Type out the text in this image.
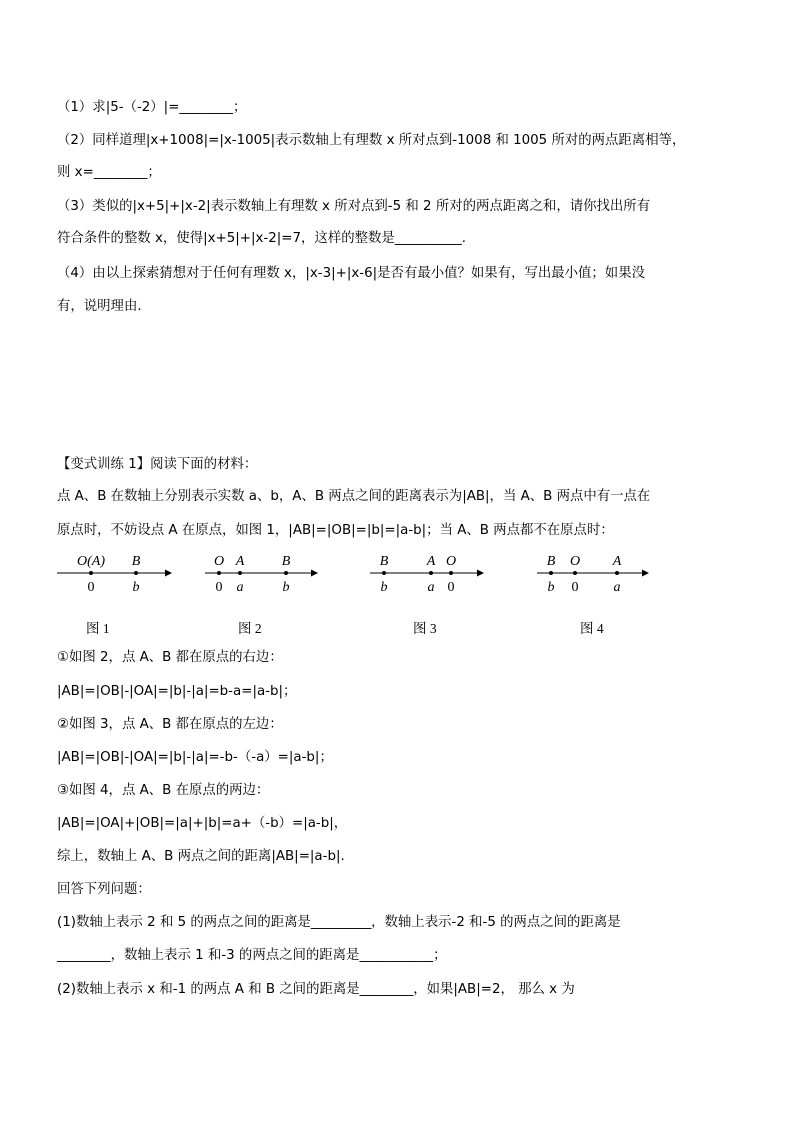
（1）求|5-（-2）|=________；
（2）同样道理|x+1008|=|x-1005|表示数轴上有理数 x 所对点到-1008 和 1005 所对的两点距离相等，
则 x=________；
（3）类似的|x+5|+|x-2|表示数轴上有理数 x 所对点到-5 和 2 所对的两点距离之和，请你找出所有
符合条件的整数 x，使得|x+5|+|x-2|=7，这样的整数是__________.
（4）由以上探索猜想对于任何有理数 x，|x-3|+|x-6|是否有最小值？如果有，写出最小值；如果没
有，说明理由.
【变式训练 1】阅读下面的材料：
点 A、B 在数轴上分别表示实数 a、b，A、B 两点之间的距离表示为|AB|，当 A、B 两点中有一点在
原点时，不妨设点 A 在原点，如图 1，|AB|=|OB|=|b|=|a-b|；当 A、B 两点都不在原点时：
O(A) B
0	b
O A	B
0 a	b
B	A O
b	a 0
B O A
b 0	a
图 1	图 2	图 3	图 4
①如图 2，点 A、B 都在原点的右边：
|AB|=|OB|-|OA|=|b|-|a|=b-a=|a-b|；
②如图 3，点 A、B 都在原点的左边：
|AB|=|OB|-|OA|=|b|-|a|=-b-（-a）=|a-b|；
③如图 4，点 A、B 在原点的两边：
|AB|=|OA|+|OB|=|a|+|b|=a+（-b）=|a-b|，
综上，数轴上 A、B 两点之间的距离|AB|=|a-b|.
回答下列问题：
(1)数轴上表示 2 和 5 的两点之间的距离是_________，数轴上表示-2 和-5 的两点之间的距离是
________，数轴上表示 1 和-3 的两点之间的距离是___________；
(2)数轴上表示 x 和-1 的两点 A 和 B 之间的距离是________，如果|AB|=2， 那么 x 为
